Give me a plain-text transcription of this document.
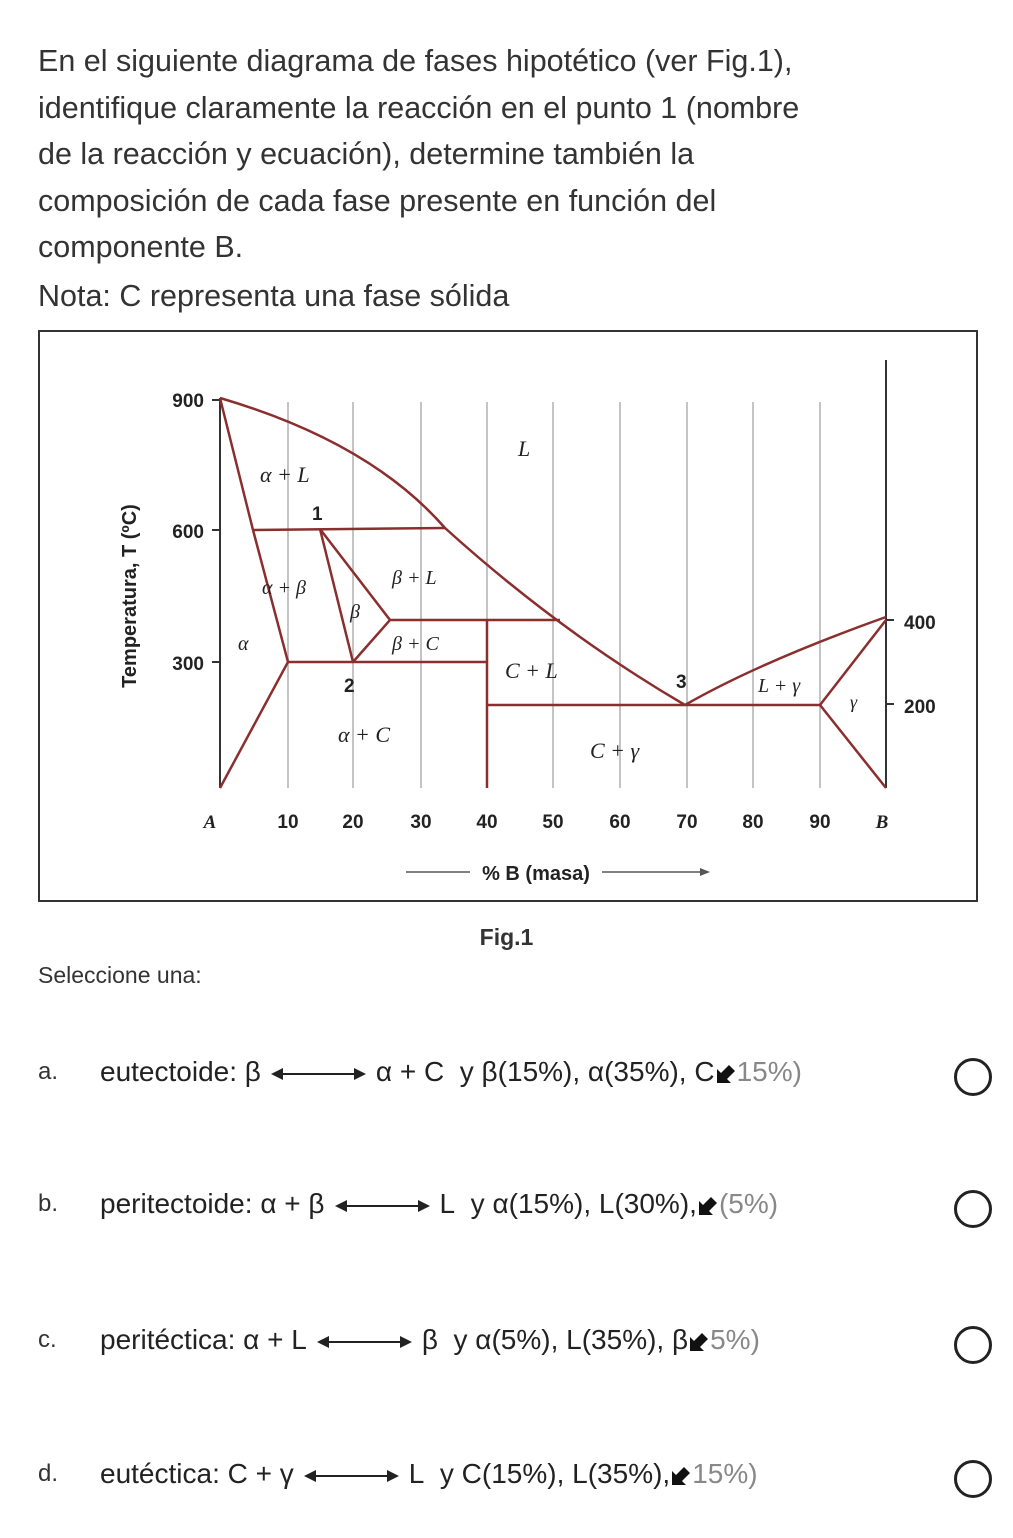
En el siguiente diagrama de fases hipotético (ver Fig.1),

identifique claramente la reacción en el punto 1 (nombre

de la reacción y ecuación), determine también la

composición de cada fase presente en función del

componente B.

Nota: C representa una fase sólida

Temperatura, T (ºC)
900
600
300
400
200
A	10 20 30 40 50 60 70 80 90 B
% B (masa)
L
α + L
α + β	β + L
β
β + C
α
C + L
α + C
C + γ
L + γ
γ
1
2	3
Fig.1
Seleccione una:
a. eutectoide: β	α + C y β(15%), α(35%), C 15%)
b. peritectoide: α + β	L y α(15%), L(30%), (5%)
c. peritéctica: α + L	β y α(5%), L(35%), β 5%)
d. eutéctica: C + γ	L y C(15%), L(35%), 15%)
